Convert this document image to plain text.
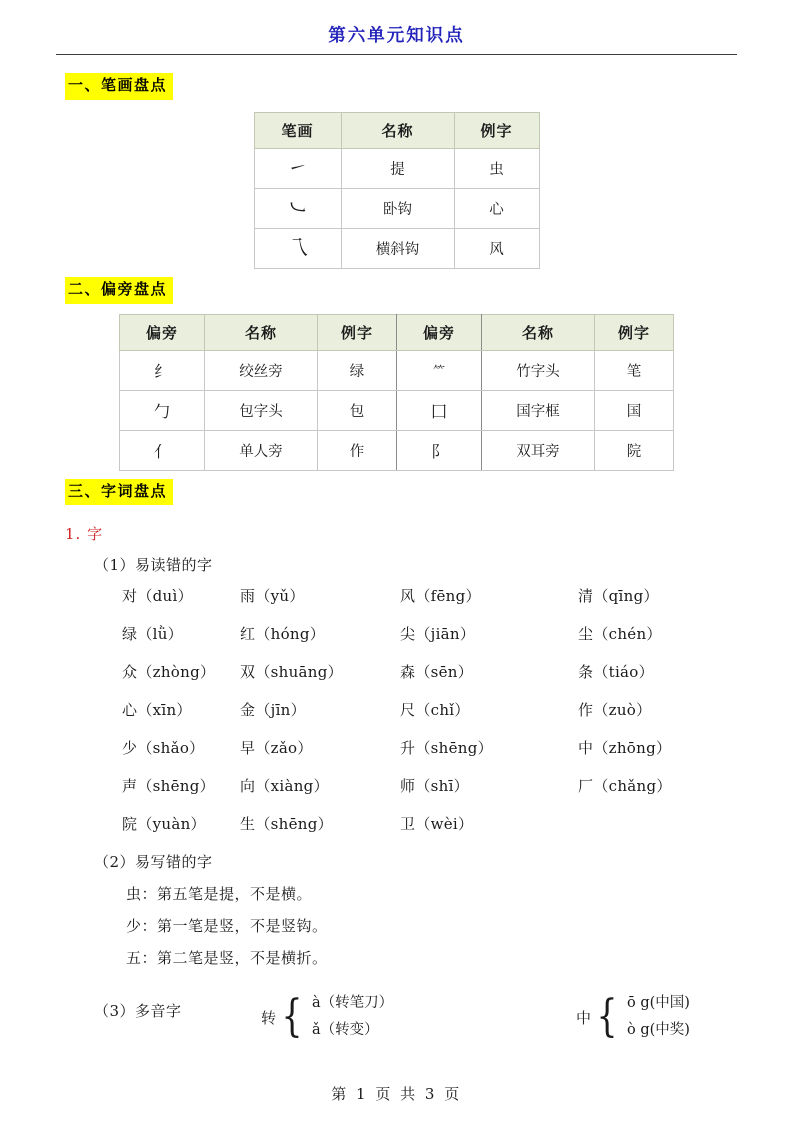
第六单元知识点
一、笔画盘点
笔画	名称	例字
㇀	提	虫
㇃	卧钩	心
乁	横斜钩	风
二、偏旁盘点
偏旁	名称	例字	偏旁	名称	例字
纟	绞丝旁	绿	⺮	竹字头	笔
勹	包字头	包	囗	国字框	国
亻	单人旁	作	阝	双耳旁	院
三、字词盘点
1. 字
（1）易读错的字
对（duì）	雨（yǔ）	风（fēng）	清（qīng）
绿（lǜ）	红（hóng）	尖（jiān）	尘（chén）
众（zhòng）	双（shuāng）	森（sēn）	条（tiáo）
心（xīn）	金（jīn）	尺（chǐ）	作（zuò）
少（shǎo）	早（zǎo）	升（shēng）	中（zhōng）
声（shēng）	向（xiàng）	师（shī）	厂（chǎng）
院（yuàn）	生（shēng）	卫（wèi）
（2）易写错的字
虫：第五笔是提，不是横。
少：第一笔是竖，不是竖钩。
五：第二笔是竖，不是横折。
（3）多音字	转 { à（转笔刀）
ǎ（转变）
中 { ō g(中国)
ò g(中奖)
第 1 页 共 3 页
